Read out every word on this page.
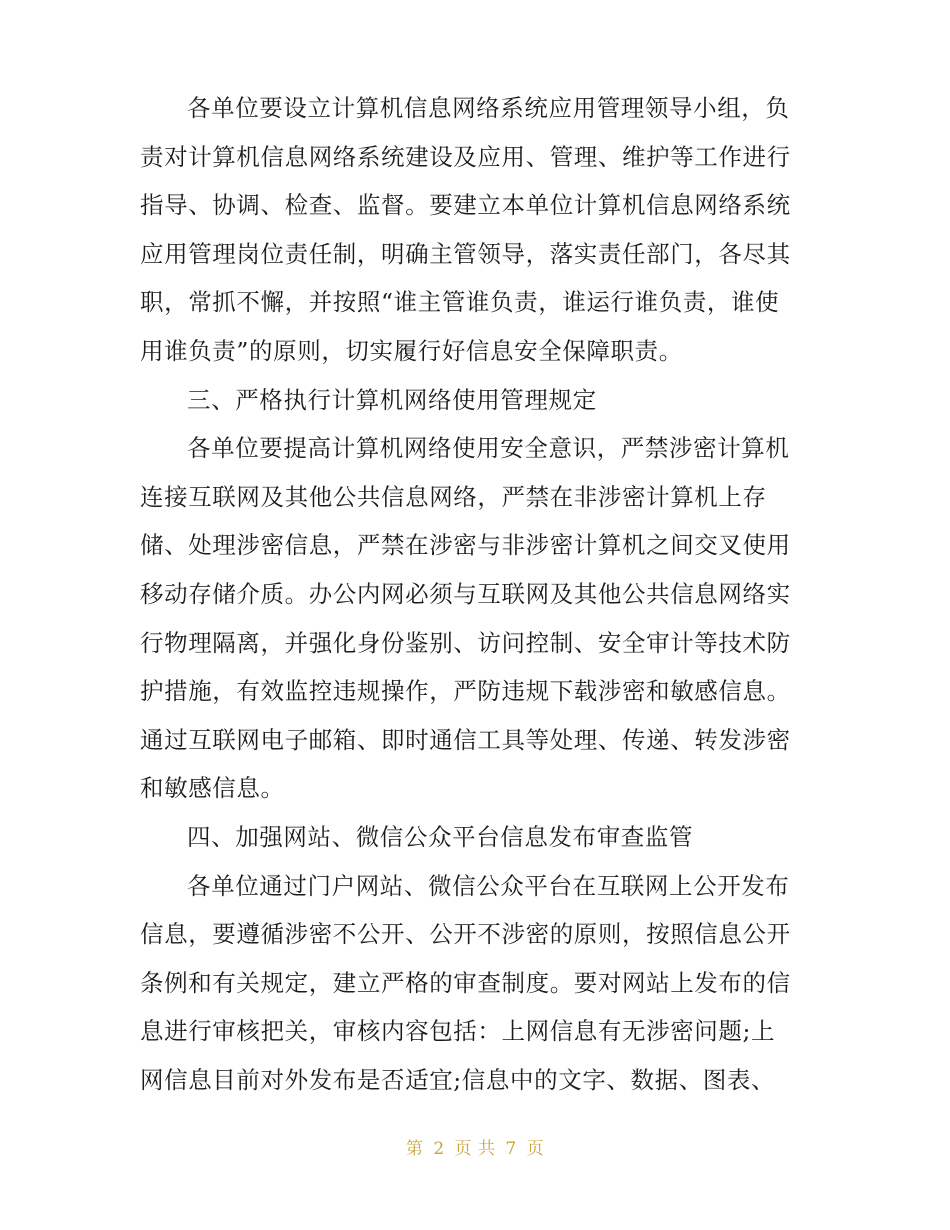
各单位要设立计算机信息网络系统应用管理领导小组，负
责对计算机信息网络系统建设及应用、管理、维护等工作进行
指导、协调、检查、监督。要建立本单位计算机信息网络系统
应用管理岗位责任制，明确主管领导，落实责任部门，各尽其
职，常抓不懈，并按照“谁主管谁负责，谁运行谁负责，谁使
用谁负责”的原则，切实履行好信息安全保障职责。
三、严格执行计算机网络使用管理规定
各单位要提高计算机网络使用安全意识，严禁涉密计算机
连接互联网及其他公共信息网络，严禁在非涉密计算机上存
储、处理涉密信息，严禁在涉密与非涉密计算机之间交叉使用
移动存储介质。办公内网必须与互联网及其他公共信息网络实
行物理隔离，并强化身份鉴别、访问控制、安全审计等技术防
护措施，有效监控违规操作，严防违规下载涉密和敏感信息。
通过互联网电子邮箱、即时通信工具等处理、传递、转发涉密
和敏感信息。
四、加强网站、微信公众平台信息发布审查监管
各单位通过门户网站、微信公众平台在互联网上公开发布
信息，要遵循涉密不公开、公开不涉密的原则，按照信息公开
条例和有关规定，建立严格的审查制度。要对网站上发布的信
息进行审核把关，审核内容包括：上网信息有无涉密问题;上
网信息目前对外发布是否适宜;信息中的文字、数据、图表、
第 2 页 共 7 页
